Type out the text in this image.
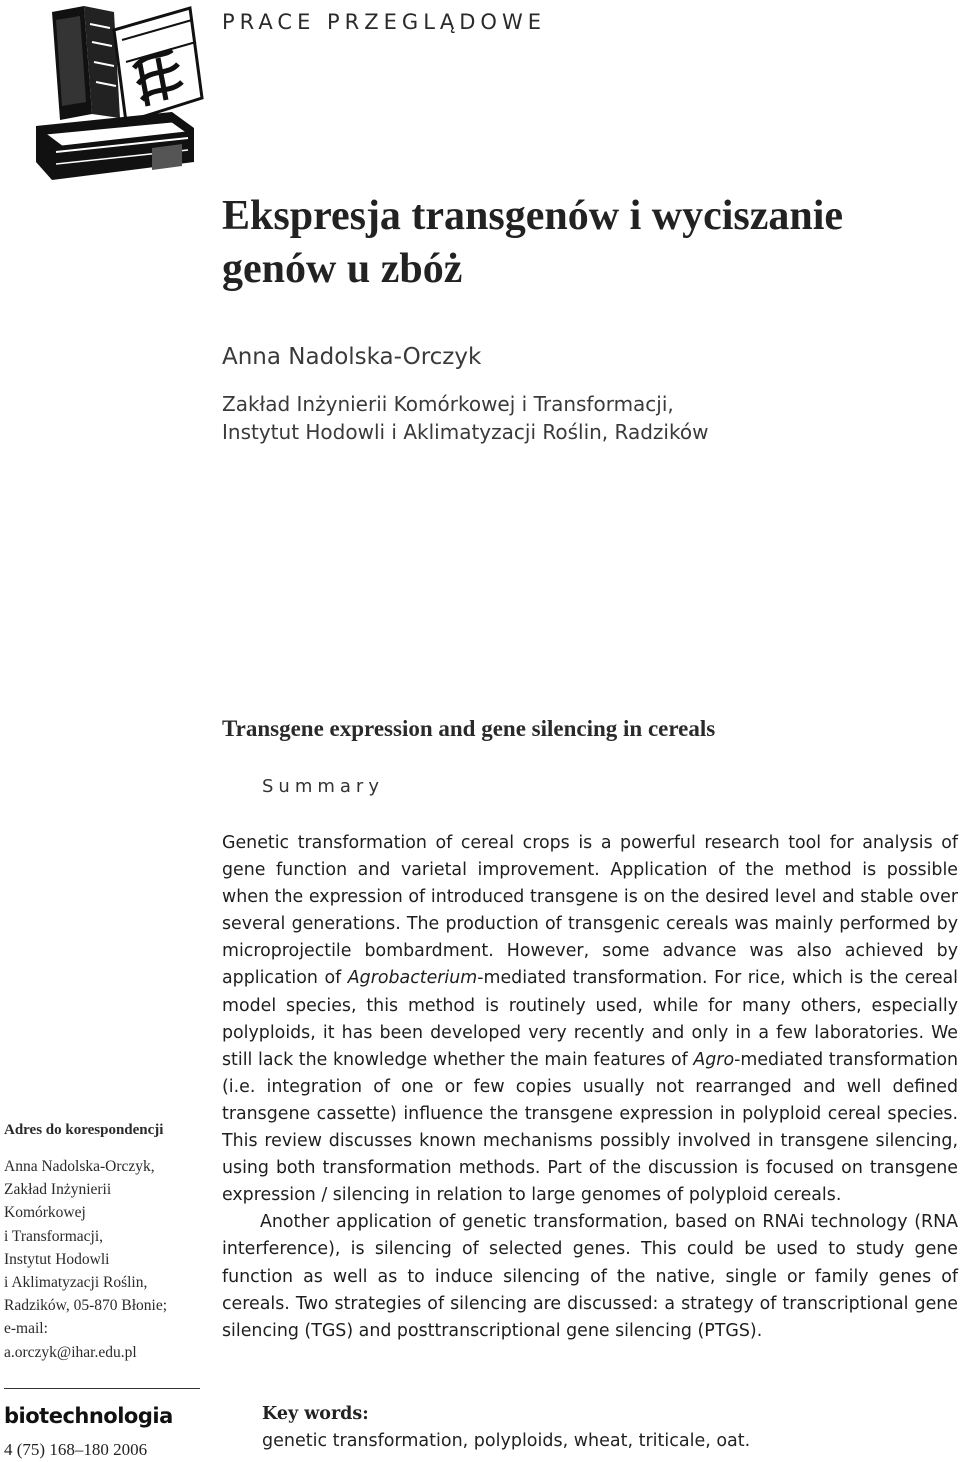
PRACE PRZEGLĄDOWE
Ekspresja transgenów i wyciszanie genów u zbóż
Anna Nadolska-Orczyk
Zakład Inżynierii Komórkowej i Transformacji,
Instytut Hodowli i Aklimatyzacji Roślin, Radzików
Transgene expression and gene silencing in cereals
Summary

Genetic transformation of cereal crops is a powerful research tool for analysis of gene function and varietal improvement. Application of the method is possible when the expression of introduced transgene is on the desired level and stable over several generations. The production of transgenic cereals was mainly performed by microprojectile bombardment. However, some advance was also achieved by application of Agrobacterium-mediated transformation. For rice, which is the cereal model species, this method is routinely used, while for many others, especially polyploids, it has been developed very recently and only in a few laboratories. We still lack the knowledge whether the main features of Agro-mediated transformation (i.e. integration of one or few copies usually not rearranged and well defined transgene cassette) influence the transgene expression in polyploid cereal species. This review discusses known mechanisms possibly involved in transgene silencing, using both transformation methods. Part of the discussion is focused on transgene expression / silencing in relation to large genomes of polyploid cereals.

Another application of genetic transformation, based on RNAi technology (RNA interference), is silencing of selected genes. This could be used to study gene function as well as to induce silencing of the native, single or family genes of cereals. Two strategies of silencing are discussed: a strategy of transcriptional gene silencing (TGS) and posttranscriptional gene silencing (PTGS).

Adres do korespondencji
Anna Nadolska-Orczyk,
Zakład Inżynierii
Komórkowej
i Transformacji,
Instytut Hodowli
i Aklimatyzacji Roślin,
Radzików, 05-870 Błonie;
e-mail:
a.orczyk@ihar.edu.pl
biotechnologia
4 (75) 168–180 2006
Key words:
genetic transformation, polyploids, wheat, triticale, oat.
